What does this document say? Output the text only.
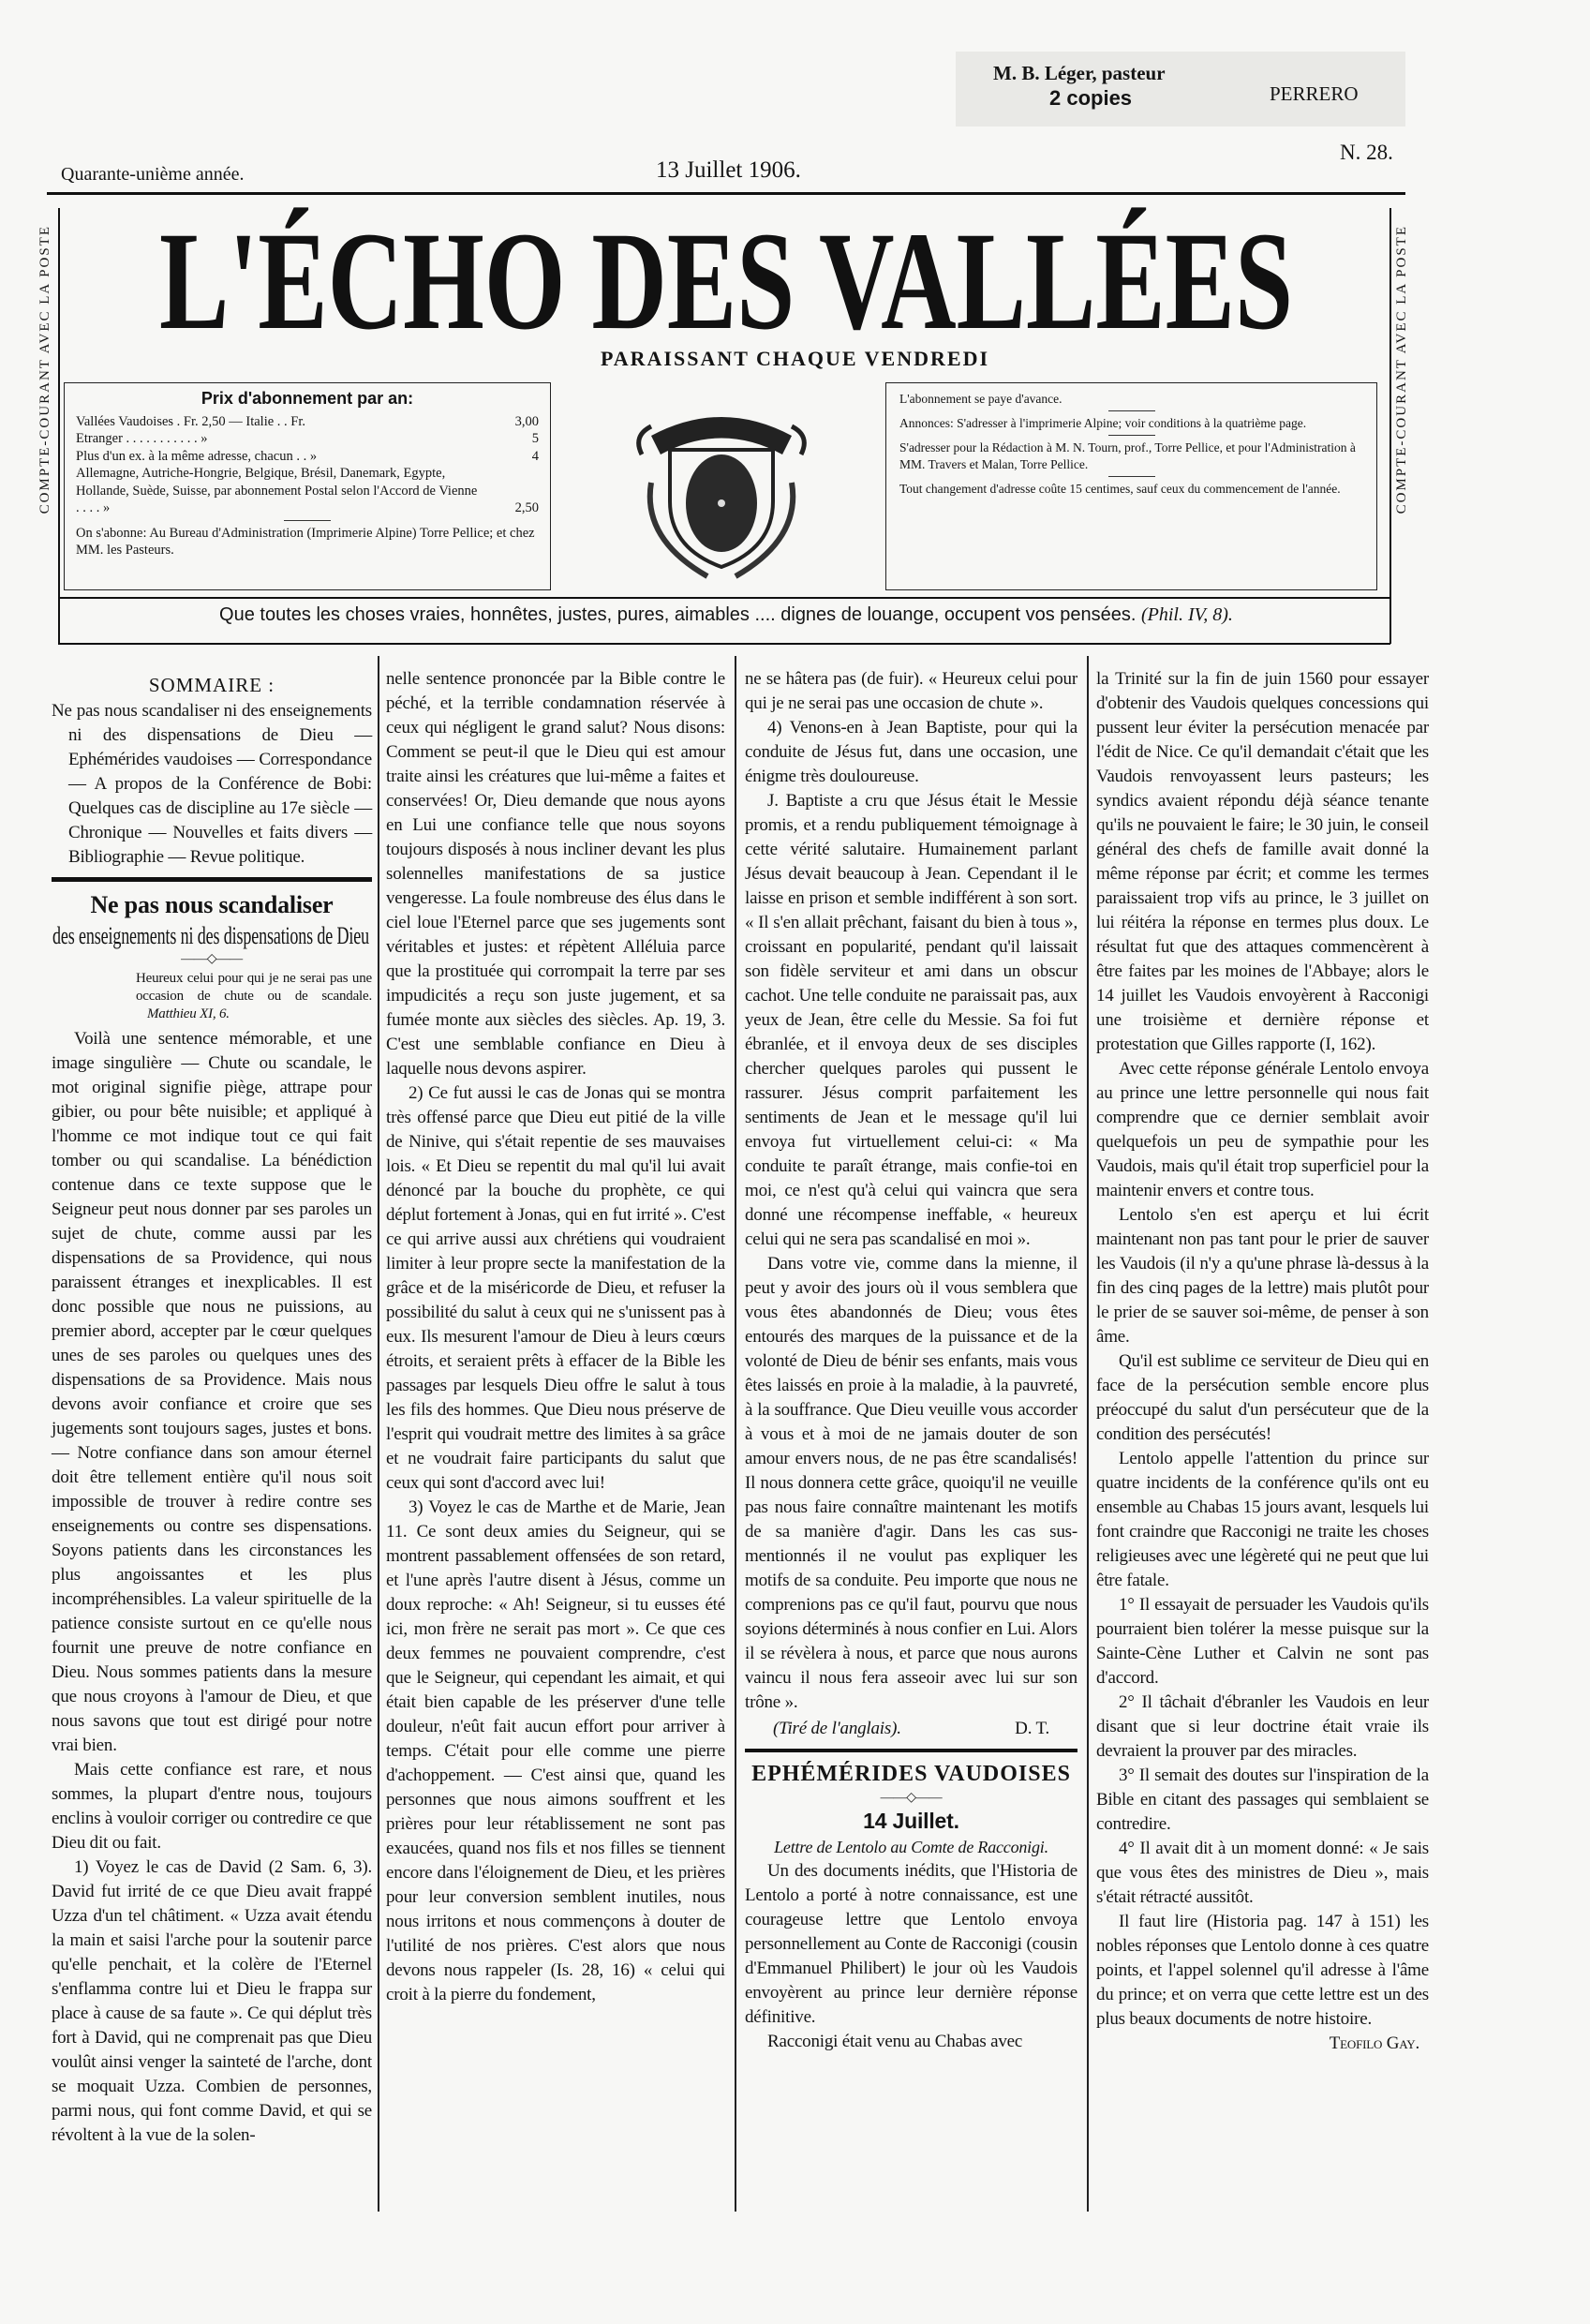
M. B. Léger, pasteur
2 copies	PERRERO
Quarante-unième année.	13 Juillet 1906.
N. 28.
COMPTE-COURANT AVEC LA POSTE	COMPTE-COURANT AVEC LA POSTE
L'ÉCHO DES VALLÉES
PARAISSANT CHAQUE VENDREDI
Prix d'abonnement par an:
Vallées Vaudoises . Fr. 2,50 — Italie . . Fr.	3,00
Etranger . . . . . . . . . . . »	5
Plus d'un ex. à la même adresse, chacun . . »	4
Allemagne, Autriche-Hongrie, Belgique, Brésil, Danemark, Egypte, Hollande, Suède, Suisse, par abonnement Postal selon l'Accord de Vienne . . . . »	2,50
On s'abonne: Au Bureau d'Administration (Imprimerie Alpine) Torre Pellice; et chez MM. les Pasteurs.

L'abonnement se paye d'avance.

Annonces: S'adresser à l'imprimerie Alpine; voir conditions à la quatrième page.

S'adresser pour la Rédaction à M. N. Tourn, prof., Torre Pellice, et pour l'Administration à MM. Travers et Malan, Torre Pellice.

Tout changement d'adresse coûte 15 centimes, sauf ceux du commencement de l'année.

Que toutes les choses vraies, honnêtes, justes, pures, aimables .... dignes de louange, occupent vos pensées. (Phil. IV, 8).
SOMMAIRE :
Ne pas nous scandaliser ni des enseignements ni des dispensations de Dieu — Ephémérides vaudoises — Correspondance — A propos de la Conférence de Bobi: Quelques cas de discipline au 17e siècle — Chronique — Nouvelles et faits divers — Bibliographie — Revue politique.
Ne pas nous scandaliser
des enseignements ni des dispensations de Dieu
——◇——
Heureux celui pour qui je ne serai pas une occasion de chute ou de scandale. Matthieu XI, 6.

Voilà une sentence mémorable, et une image singulière — Chute ou scandale, le mot original signifie piège, attrape pour gibier, ou pour bête nuisible; et appliqué à l'homme ce mot indique tout ce qui fait tomber ou qui scandalise. La bénédiction contenue dans ce texte suppose que le Seigneur peut nous donner par ses paroles un sujet de chute, comme aussi par les dispensations de sa Providence, qui nous paraissent étranges et inexplicables. Il est donc possible que nous ne puissions, au premier abord, accepter par le cœur quelques unes de ses paroles ou quelques unes des dispensations de sa Providence. Mais nous devons avoir confiance et croire que ses jugements sont toujours sages, justes et bons. — Notre confiance dans son amour éternel doit être tellement entière qu'il nous soit impossible de trouver à redire contre ses enseignements ou contre ses dispensations. Soyons patients dans les circonstances les plus angoissantes et les plus incompréhensibles. La valeur spirituelle de la patience consiste surtout en ce qu'elle nous fournit une preuve de notre confiance en Dieu. Nous sommes patients dans la mesure que nous croyons à l'amour de Dieu, et que nous savons que tout est dirigé pour notre vrai bien.

Mais cette confiance est rare, et nous sommes, la plupart d'entre nous, toujours enclins à vouloir corriger ou contredire ce que Dieu dit ou fait.

1) Voyez le cas de David (2 Sam. 6, 3). David fut irrité de ce que Dieu avait frappé Uzza d'un tel châtiment. « Uzza avait étendu la main et saisi l'arche pour la soutenir parce qu'elle penchait, et la colère de l'Eternel s'enflamma contre lui et Dieu le frappa sur place à cause de sa faute ». Ce qui déplut très fort à David, qui ne comprenait pas que Dieu voulût ainsi venger la sainteté de l'arche, dont se moquait Uzza. Combien de personnes, parmi nous, qui font comme David, et qui se révoltent à la vue de la solen-

nelle sentence prononcée par la Bible contre le péché, et la terrible condamnation réservée à ceux qui négligent le grand salut? Nous disons: Comment se peut-il que le Dieu qui est amour traite ainsi les créatures que lui-même a faites et conservées! Or, Dieu demande que nous ayons en Lui une confiance telle que nous soyons toujours disposés à nous incliner devant les plus solennelles manifestations de sa justice vengeresse. La foule nombreuse des élus dans le ciel loue l'Eternel parce que ses jugements sont véritables et justes: et répètent Alléluia parce que la prostituée qui corrompait la terre par ses impudicités a reçu son juste jugement, et sa fumée monte aux siècles des siècles. Ap. 19, 3. C'est une semblable confiance en Dieu à laquelle nous devons aspirer.

2) Ce fut aussi le cas de Jonas qui se montra très offensé parce que Dieu eut pitié de la ville de Ninive, qui s'était repentie de ses mauvaises lois. « Et Dieu se repentit du mal qu'il lui avait dénoncé par la bouche du prophète, ce qui déplut fortement à Jonas, qui en fut irrité ». C'est ce qui arrive aussi aux chrétiens qui voudraient limiter à leur propre secte la manifestation de la grâce et de la miséricorde de Dieu, et refuser la possibilité du salut à ceux qui ne s'unissent pas à eux. Ils mesurent l'amour de Dieu à leurs cœurs étroits, et seraient prêts à effacer de la Bible les passages par lesquels Dieu offre le salut à tous les fils des hommes. Que Dieu nous préserve de l'esprit qui voudrait mettre des limites à sa grâce et ne voudrait faire participants du salut que ceux qui sont d'accord avec lui!

3) Voyez le cas de Marthe et de Marie, Jean 11. Ce sont deux amies du Seigneur, qui se montrent passablement offensées de son retard, et l'une après l'autre disent à Jésus, comme un doux reproche: « Ah! Seigneur, si tu eusses été ici, mon frère ne serait pas mort ». Ce que ces deux femmes ne pouvaient comprendre, c'est que le Seigneur, qui cependant les aimait, et qui était bien capable de les préserver d'une telle douleur, n'eût fait aucun effort pour arriver à temps. C'était pour elle comme une pierre d'achoppement. — C'est ainsi que, quand les personnes que nous aimons souffrent et les prières pour leur rétablissement ne sont pas exaucées, quand nos fils et nos filles se tiennent encore dans l'éloignement de Dieu, et les prières pour leur conversion semblent inutiles, nous nous irritons et nous commençons à douter de l'utilité de nos prières. C'est alors que nous devons nous rappeler (Is. 28, 16) « celui qui croit à la pierre du fondement,

ne se hâtera pas (de fuir). « Heureux celui pour qui je ne serai pas une occasion de chute ».

4) Venons-en à Jean Baptiste, pour qui la conduite de Jésus fut, dans une occasion, une énigme très douloureuse.

J. Baptiste a cru que Jésus était le Messie promis, et a rendu publiquement témoignage à cette vérité salutaire. Humainement parlant Jésus devait beaucoup à Jean. Cependant il le laisse en prison et semble indifférent à son sort. « Il s'en allait prêchant, faisant du bien à tous », croissant en popularité, pendant qu'il laissait son fidèle serviteur et ami dans un obscur cachot. Une telle conduite ne paraissait pas, aux yeux de Jean, être celle du Messie. Sa foi fut ébranlée, et il envoya deux de ses disciples chercher quelques paroles qui pussent le rassurer. Jésus comprit parfaitement les sentiments de Jean et le message qu'il lui envoya fut virtuellement celui-ci: « Ma conduite te paraît étrange, mais confie-toi en moi, ce n'est qu'à celui qui vaincra que sera donné une récompense ineffable, « heureux celui qui ne sera pas scandalisé en moi ».

Dans votre vie, comme dans la mienne, il peut y avoir des jours où il vous semblera que vous êtes abandonnés de Dieu; vous êtes entourés des marques de la puissance et de la volonté de Dieu de bénir ses enfants, mais vous êtes laissés en proie à la maladie, à la pauvreté, à la souffrance. Que Dieu veuille vous accorder à vous et à moi de ne jamais douter de son amour envers nous, de ne pas être scandalisés! Il nous donnera cette grâce, quoiqu'il ne veuille pas nous faire connaître maintenant les motifs de sa manière d'agir. Dans les cas sus-mentionnés il ne voulut pas expliquer les motifs de sa conduite. Peu importe que nous ne comprenions pas ce qu'il faut, pourvu que nous soyions déterminés à nous confier en Lui. Alors il se révèlera à nous, et parce que nous aurons vaincu il nous fera asseoir avec lui sur son trône ».

(Tiré de l'anglais).	D. T.
EPHÉMÉRIDES VAUDOISES
——◇——
14 Juillet.
Lettre de Lentolo au Comte de Racconigi.

Un des documents inédits, que l'Historia de Lentolo a porté à notre connaissance, est une courageuse lettre que Lentolo envoya personnellement au Conte de Racconigi (cousin d'Emmanuel Philibert) le jour où les Vaudois envoyèrent au prince leur dernière réponse définitive.

Racconigi était venu au Chabas avec

la Trinité sur la fin de juin 1560 pour essayer d'obtenir des Vaudois quelques concessions qui pussent leur éviter la persécution menacée par l'édit de Nice. Ce qu'il demandait c'était que les Vaudois renvoyassent leurs pasteurs; les syndics avaient répondu déjà séance tenante qu'ils ne pouvaient le faire; le 30 juin, le conseil général des chefs de famille avait donné la même réponse par écrit; et comme les termes paraissaient trop vifs au prince, le 3 juillet on lui réitéra la réponse en termes plus doux. Le résultat fut que des attaques commencèrent à être faites par les moines de l'Abbaye; alors le 14 juillet les Vaudois envoyèrent à Racconigi une troisième et dernière réponse et protestation que Gilles rapporte (I, 162).

Avec cette réponse générale Lentolo envoya au prince une lettre personnelle qui nous fait comprendre que ce dernier semblait avoir quelquefois un peu de sympathie pour les Vaudois, mais qu'il était trop superficiel pour la maintenir envers et contre tous.

Lentolo s'en est aperçu et lui écrit maintenant non pas tant pour le prier de sauver les Vaudois (il n'y a qu'une phrase là-dessus à la fin des cinq pages de la lettre) mais plutôt pour le prier de se sauver soi-même, de penser à son âme.

Qu'il est sublime ce serviteur de Dieu qui en face de la persécution semble encore plus préoccupé du salut d'un persécuteur que de la condition des persécutés!

Lentolo appelle l'attention du prince sur quatre incidents de la conférence qu'ils ont eu ensemble au Chabas 15 jours avant, lesquels lui font craindre que Racconigi ne traite les choses religieuses avec une légèreté qui ne peut que lui être fatale.

1° Il essayait de persuader les Vaudois qu'ils pourraient bien tolérer la messe puisque sur la Sainte-Cène Luther et Calvin ne sont pas d'accord.

2° Il tâchait d'ébranler les Vaudois en leur disant que si leur doctrine était vraie ils devraient la prouver par des miracles.

3° Il semait des doutes sur l'inspiration de la Bible en citant des passages qui semblaient se contredire.

4° Il avait dit à un moment donné: « Je sais que vous êtes des ministres de Dieu », mais s'était rétracté aussitôt.

Il faut lire (Historia pag. 147 à 151) les nobles réponses que Lentolo donne à ces quatre points, et l'appel solennel qu'il adresse à l'âme du prince; et on verra que cette lettre est un des plus beaux documents de notre histoire.

Teofilo Gay.
